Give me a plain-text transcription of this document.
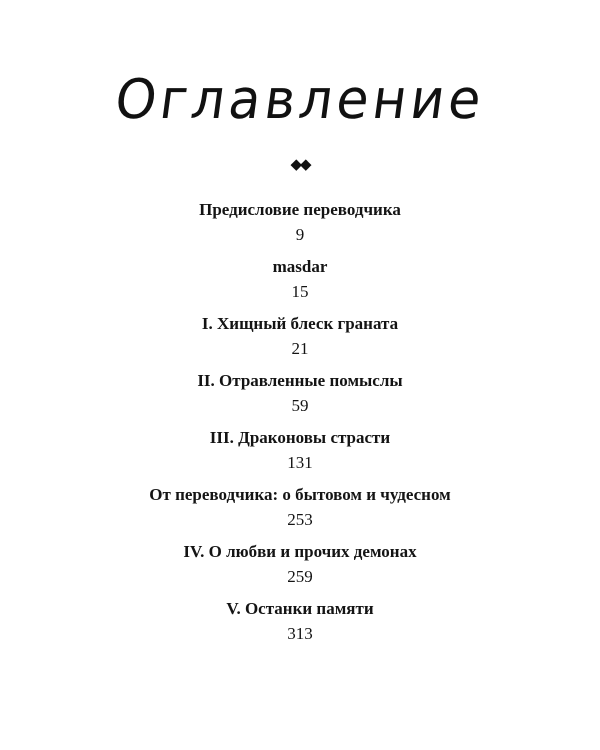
Оглавление
◆◆
Предисловие переводчика
9
masdar
15
I. Хищный блеск граната
21
II. Отравленные помыслы
59
III. Драконовы страсти
131
От переводчика: о бытовом и чудесном
253
IV. О любви и прочих демонах
259
V. Останки памяти
313
